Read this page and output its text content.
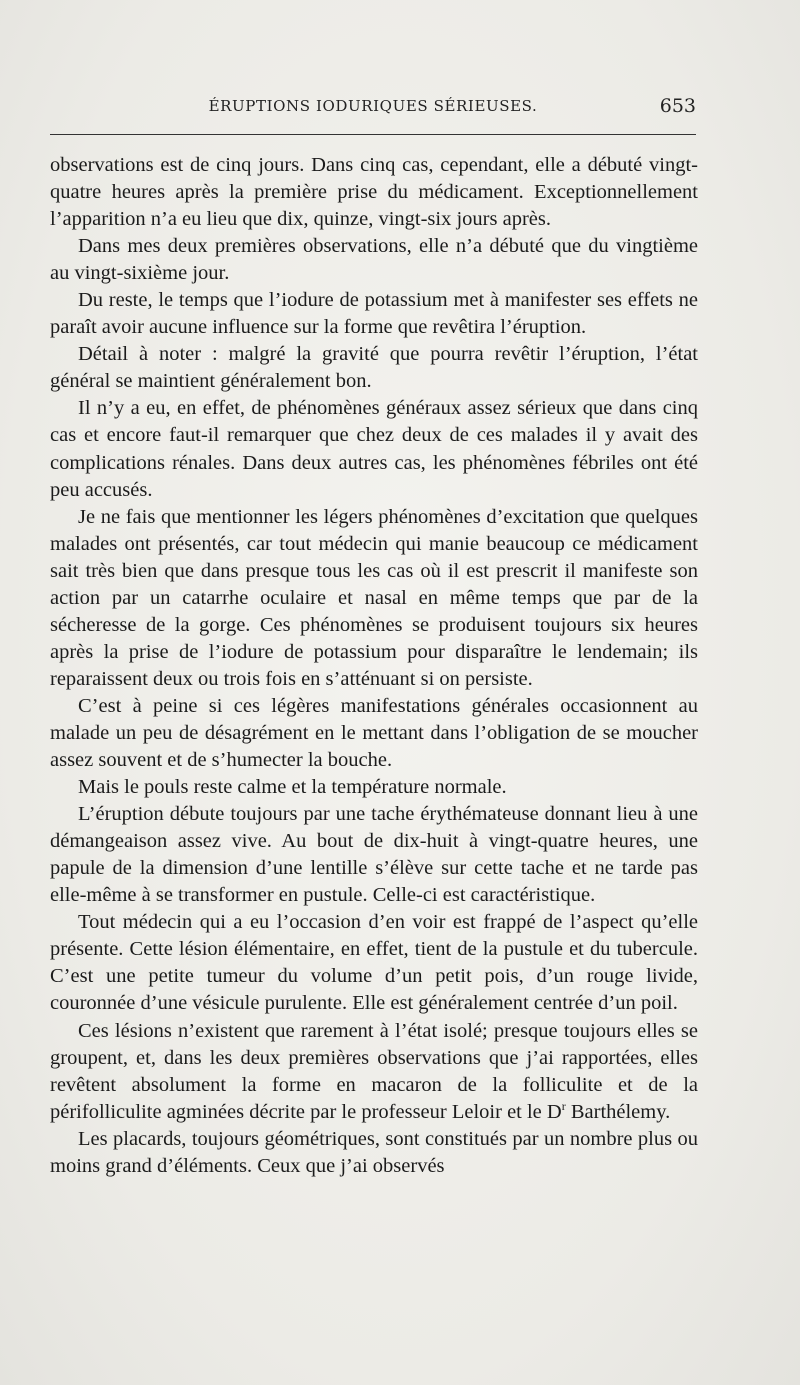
ÉRUPTIONS IODURIQUES SÉRIEUSES.	653

observations est de cinq jours. Dans cinq cas, cependant, elle a débuté vingt-quatre heures après la première prise du médicament. Exceptionnellement l’apparition n’a eu lieu que dix, quinze, vingt-six jours après.

Dans mes deux premières observations, elle n’a débuté que du vingtième au vingt-sixième jour.

Du reste, le temps que l’iodure de potassium met à manifester ses effets ne paraît avoir aucune influence sur la forme que revêtira l’éruption.

Détail à noter : malgré la gravité que pourra revêtir l’éruption, l’état général se maintient généralement bon.

Il n’y a eu, en effet, de phénomènes généraux assez sérieux que dans cinq cas et encore faut-il remarquer que chez deux de ces malades il y avait des complications rénales. Dans deux autres cas, les phénomènes fébriles ont été peu accusés.

Je ne fais que mentionner les légers phénomènes d’excitation que quelques malades ont présentés, car tout médecin qui manie beaucoup ce médicament sait très bien que dans presque tous les cas où il est prescrit il manifeste son action par un catarrhe oculaire et nasal en même temps que par de la sécheresse de la gorge. Ces phénomènes se produisent toujours six heures après la prise de l’iodure de potassium pour disparaître le lendemain; ils reparaissent deux ou trois fois en s’atténuant si on persiste.

C’est à peine si ces légères manifestations générales occasionnent au malade un peu de désagrément en le mettant dans l’obligation de se moucher assez souvent et de s’humecter la bouche.

Mais le pouls reste calme et la température normale.

L’éruption débute toujours par une tache érythémateuse donnant lieu à une démangeaison assez vive. Au bout de dix-huit à vingt-quatre heures, une papule de la dimension d’une lentille s’élève sur cette tache et ne tarde pas elle-même à se transformer en pustule. Celle-ci est caractéristique.

Tout médecin qui a eu l’occasion d’en voir est frappé de l’aspect qu’elle présente. Cette lésion élémentaire, en effet, tient de la pustule et du tubercule. C’est une petite tumeur du volume d’un petit pois, d’un rouge livide, couronnée d’une vésicule purulente. Elle est généralement centrée d’un poil.

Ces lésions n’existent que rarement à l’état isolé; presque toujours elles se groupent, et, dans les deux premières observations que j’ai rapportées, elles revêtent absolument la forme en macaron de la folliculite et de la périfolliculite agminées décrite par le professeur Leloir et le $D^r$ Barthélemy.

Les placards, toujours géométriques, sont constitués par un nombre plus ou moins grand d’éléments. Ceux que j’ai observés
